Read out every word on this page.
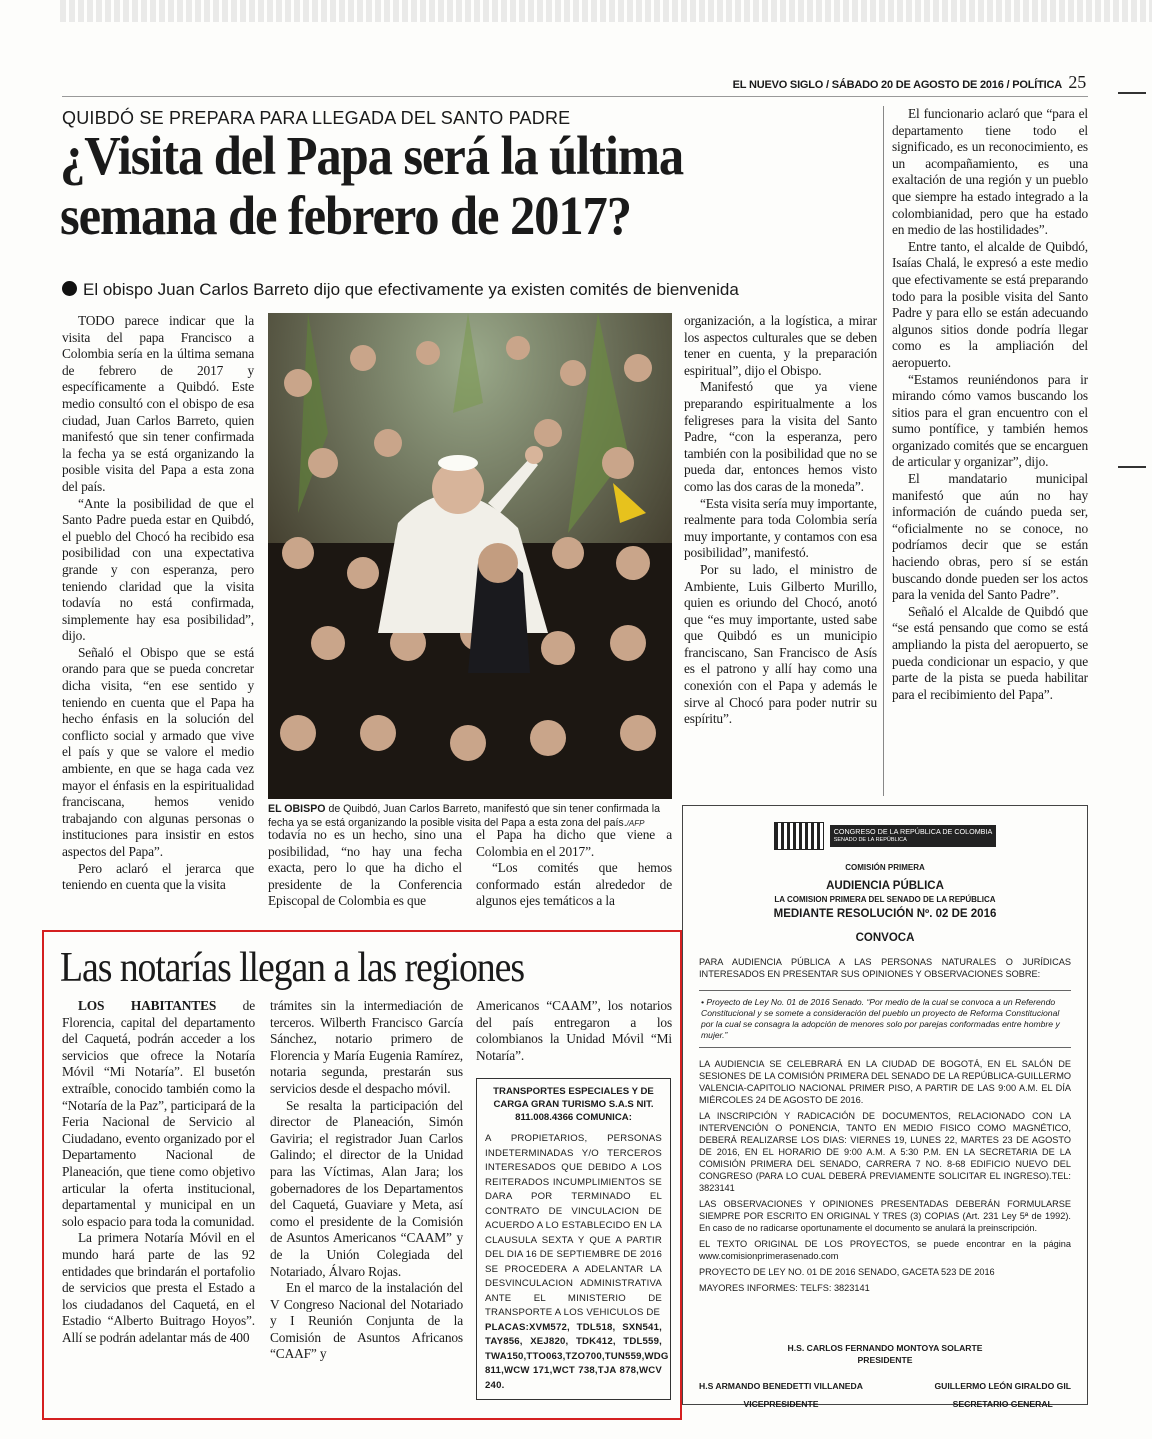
EL NUEVO SIGLO / SÁBADO 20 DE AGOSTO DE 2016 / POLÍTICA 25
QUIBDÓ SE PREPARA PARA LLEGADA DEL SANTO PADRE
¿Visita del Papa será la última
semana de febrero de 2017?
El obispo Juan Carlos Barreto dijo que efectivamente ya existen comités de bienvenida

TODO parece indicar que la visita del papa Francisco a Colombia sería en la última semana de febrero de 2017 y específicamente a Quibdó. Este medio consultó con el obispo de esa ciudad, Juan Carlos Barreto, quien manifestó que sin tener confirmada la fecha ya se está organizando la posible visita del Papa a esta zona del país.

“Ante la posibilidad de que el Santo Padre pueda estar en Quibdó, el pueblo del Chocó ha recibido esa posibilidad con una expectativa grande y con esperanza, pero teniendo claridad que la visita todavía no está confirmada, simplemente hay esa posibilidad”, dijo.

Señaló el Obispo que se está orando para que se pueda concretar dicha visita, “en ese sentido y teniendo en cuenta que el Papa ha hecho énfasis en la solución del conflicto social y armado que vive el país y que se valore el medio ambiente, en que se haga cada vez mayor el énfasis en la espiritualidad franciscana, hemos venido trabajando con algunas personas o instituciones para insistir en estos aspectos del Papa”.

Pero aclaró el jerarca que teniendo en cuenta que la visita

EL OBISPO de Quibdó, Juan Carlos Barreto, manifestó que sin tener confirmada la fecha ya se está organizando la posible visita del Papa a esta zona del país./AFP

todavía no es un hecho, sino una posibilidad, “no hay una fecha exacta, pero lo que ha dicho el presidente de la Conferencia Episcopal de Colombia es que

el Papa ha dicho que viene a Colombia en el 2017”.

“Los comités que hemos conformado están alrededor de algunos ejes temáticos a la

organización, a la logística, a mirar los aspectos culturales que se deben tener en cuenta, y la preparación espiritual”, dijo el Obispo.

Manifestó que ya viene preparando espiritualmente a los feligreses para la visita del Santo Padre, “con la esperanza, pero también con la posibilidad que no se pueda dar, entonces hemos visto como las dos caras de la moneda”.

“Esta visita sería muy importante, realmente para toda Colombia sería muy importante, y contamos con esa posibilidad”, manifestó.

Por su lado, el ministro de Ambiente, Luis Gilberto Murillo, quien es oriundo del Chocó, anotó que “es muy importante, usted sabe que Quibdó es un municipio franciscano, San Francisco de Asís es el patrono y allí hay como una conexión con el Papa y además le sirve al Chocó para poder nutrir su espíritu”.

El funcionario aclaró que “para el departamento tiene todo el significado, es un reconocimiento, es un acompañamiento, es una exaltación de una región y un pueblo que siempre ha estado integrado a la colombianidad, pero que ha estado en medio de las hostilidades”.

Entre tanto, el alcalde de Quibdó, Isaías Chalá, le expresó a este medio que efectivamente se está preparando todo para la posible visita del Santo Padre y para ello se están adecuando algunos sitios donde podría llegar como es la ampliación del aeropuerto.

“Estamos reuniéndonos para ir mirando cómo vamos buscando los sitios para el gran encuentro con el sumo pontífice, y también hemos organizado comités que se encarguen de articular y organizar”, dijo.

El mandatario municipal manifestó que aún no hay información de cuándo pueda ser, “oficialmente no se conoce, no podríamos decir que se están haciendo obras, pero sí se están buscando donde pueden ser los actos para la venida del Santo Padre”.

Señaló el Alcalde de Quibdó que “se está pensando que como se está ampliando la pista del aeropuerto, se pueda condicionar un espacio, y que parte de la pista se pueda habilitar para el recibimiento del Papa”.

Las notarías llegan a las regiones

LOS HABITANTES de Florencia, capital del departamento del Caquetá, podrán acceder a los servicios que ofrece la Notaría Móvil “Mi Notaría”. El busetón extraíble, conocido también como la “Notaría de la Paz”, participará de la Feria Nacional de Servicio al Ciudadano, evento organizado por el Departamento Nacional de Planeación, que tiene como objetivo articular la oferta institucional, departamental y municipal en un solo espacio para toda la comunidad.

La primera Notaría Móvil en el mundo hará parte de las 92 entidades que brindarán el portafolio de servicios que presta el Estado a los ciudadanos del Caquetá, en el Estadio “Alberto Buitrago Hoyos”. Allí se podrán adelantar más de 400

trámites sin la intermediación de terceros. Wilberth Francisco García Sánchez, notario primero de Florencia y María Eugenia Ramírez, notaria segunda, prestarán sus servicios desde el despacho móvil.

Se resalta la participación del director de Planeación, Simón Gaviria; el registrador Juan Carlos Galindo; el director de la Unidad para las Víctimas, Alan Jara; los gobernadores de los Departamentos del Caquetá, Guaviare y Meta, así como el presidente de la Comisión de Asuntos Americanos “CAAM” y de la Unión Colegiada del Notariado, Álvaro Rojas.

En el marco de la instalación del V Congreso Nacional del Notariado y I Reunión Conjunta de la Comisión de Asuntos Africanos “CAAF” y

Americanos “CAAM”, los notarios del país entregaron a los colombianos la Unidad Móvil “Mi Notaría”.

TRANSPORTES ESPECIALES Y DE CARGA GRAN TURISMO S.A.S NIT. 811.008.4366 COMUNICA:
A PROPIETARIOS, PERSONAS INDETERMINADAS Y/O TERCEROS INTERESADOS QUE DEBIDO A LOS REITERADOS INCUMPLIMIENTOS SE DARA POR TERMINADO EL CONTRATO DE VINCULACION DE ACUERDO A LO ESTABLECIDO EN LA CLAUSULA SEXTA Y QUE A PARTIR DEL DIA 16 DE SEPTIEMBRE DE 2016 SE PROCEDERA A ADELANTAR LA DESVINCULACION ADMINISTRATIVA ANTE EL MINISTERIO DE TRANSPORTE A LOS VEHICULOS DE
PLACAS:XVM572, TDL518, SXN541, TAY856, XEJ820, TDK412, TDL559, TWA150,TTO063,TZO700,TUN559,WDG 811,WCW 171,WCT 738,TJA 878,WCV 240.
CONGRESO DE LA REPÚBLICA DE COLOMBIA
SENADO DE LA REPÚBLICA
COMISIÓN PRIMERA
AUDIENCIA PÚBLICA
LA COMISION PRIMERA DEL SENADO DE LA REPÚBLICA
MEDIANTE RESOLUCIÓN Nº. 02 DE 2016
CONVOCA
PARA AUDIENCIA PÚBLICA A LAS PERSONAS NATURALES O JURÍDICAS INTERESADOS EN PRESENTAR SUS OPINIONES Y OBSERVACIONES SOBRE:
• Proyecto de Ley No. 01 de 2016 Senado. “Por medio de la cual se convoca a un Referendo Constitucional y se somete a consideración del pueblo un proyecto de Reforma Constitucional por la cual se consagra la adopción de menores solo por parejas conformadas entre hombre y mujer.”
LA AUDIENCIA SE CELEBRARÁ EN LA CIUDAD DE BOGOTÁ, EN EL SALÓN DE SESIONES DE LA COMISIÓN PRIMERA DEL SENADO DE LA REPÚBLICA-GUILLERMO VALENCIA-CAPITOLIO NACIONAL PRIMER PISO, A PARTIR DE LAS 9:00 A.M. EL DÍA MIÉRCOLES 24 DE AGOSTO DE 2016.
LA INSCRIPCIÓN Y RADICACIÓN DE DOCUMENTOS, RELACIONADO CON LA INTERVENCIÓN O PONENCIA, TANTO EN MEDIO FISICO COMO MAGNÉTICO, DEBERÁ REALIZARSE LOS DIAS: VIERNES 19, LUNES 22, MARTES 23 DE AGOSTO DE 2016, EN EL HORARIO DE 9:00 A.M. A 5:30 P.M. EN LA SECRETARIA DE LA COMISIÓN PRIMERA DEL SENADO, CARRERA 7 NO. 8-68 EDIFICIO NUEVO DEL CONGRESO (PARA LO CUAL DEBERÁ PREVIAMENTE SOLICITAR EL INGRESO).TEL: 3823141
LAS OBSERVACIONES Y OPINIONES PRESENTADAS DEBERÁN FORMULARSE SIEMPRE POR ESCRITO EN ORIGINAL Y TRES (3) COPIAS (Art. 231 Ley 5ª de 1992). En caso de no radicarse oportunamente el documento se anulará la preinscripción.
EL TEXTO ORIGINAL DE LOS PROYECTOS, se puede encontrar en la página www.comisionprimerasenado.com
PROYECTO DE LEY NO. 01 DE 2016 SENADO, GACETA 523 DE 2016
MAYORES INFORMES: TELFS: 3823141
H.S. CARLOS FERNANDO MONTOYA SOLARTE
PRESIDENTE
H.S ARMANDO BENEDETTI VILLANEDA
VICEPRESIDENTE
GUILLERMO LEÓN GIRALDO GIL
SECRETARIO GENERAL
